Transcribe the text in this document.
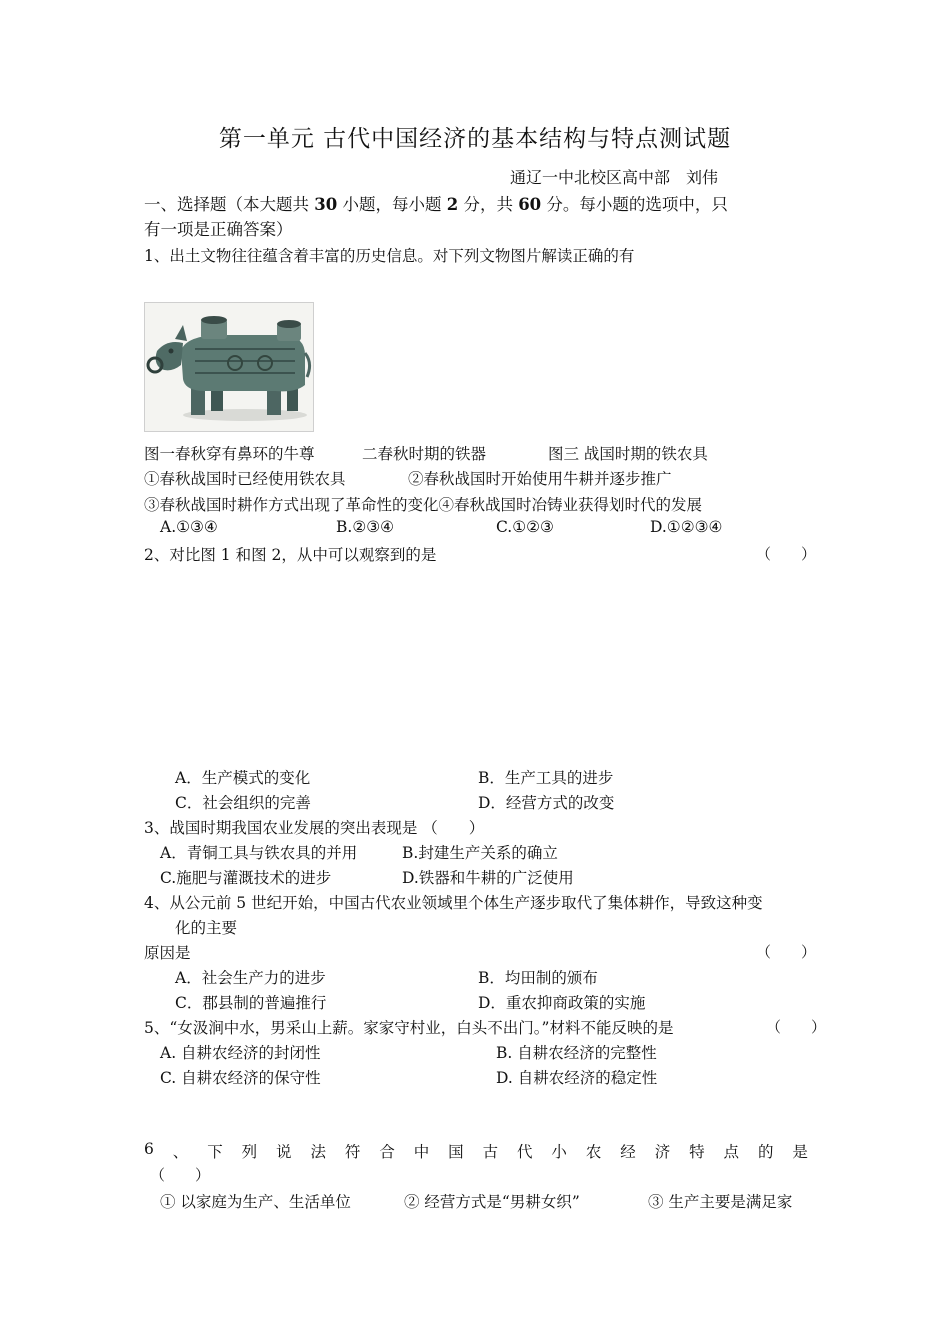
第一单元 古代中国经济的基本结构与特点测试题
通辽一中北校区高中部　刘伟
一、选择题（本大题共 30 小题，每小题 2 分，共 60 分。每小题的选项中，只
有一项是正确答案）
1、出土文物往往蕴含着丰富的历史信息。对下列文物图片解读正确的有
图一春秋穿有鼻环的牛尊	二春秋时期的铁器	图三 战国时期的铁农具
①春秋战国时已经使用铁农具	②春秋战国时开始使用牛耕并逐步推广
③春秋战国时耕作方式出现了革命性的变化④春秋战国时冶铸业获得划时代的发展
A.①③④	B.②③④	C.①②③	D.①②③④
2、对比图 1 和图 2，从中可以观察到的是	（　　）
A．生产模式的变化	B．生产工具的进步
C．社会组织的完善	D．经营方式的改变
3、战国时期我国农业发展的突出表现是 （　　）
A．青铜工具与铁农具的并用	B.封建生产关系的确立
C.施肥与灌溉技术的进步	D.铁器和牛耕的广泛使用
4、从公元前 5 世纪开始，中国古代农业领域里个体生产逐步取代了集体耕作，导致这种变
化的主要
原因是	（　　）
A．社会生产力的进步	B．均田制的颁布
C．郡县制的普遍推行	D．重农抑商政策的实施
5、“女汲涧中水，男采山上薪。家家守村业，白头不出门。”材料不能反映的是	（　　）
A. 自耕农经济的封闭性	B. 自耕农经济的完整性
C. 自耕农经济的保守性	D. 自耕农经济的稳定性
6 、 下 列 说 法 符 合 中 国 古 代 小 农 经 济 特 点 的 是
（　　）
① 以家庭为生产、生活单位	② 经营方式是“男耕女织”	③ 生产主要是满足家
